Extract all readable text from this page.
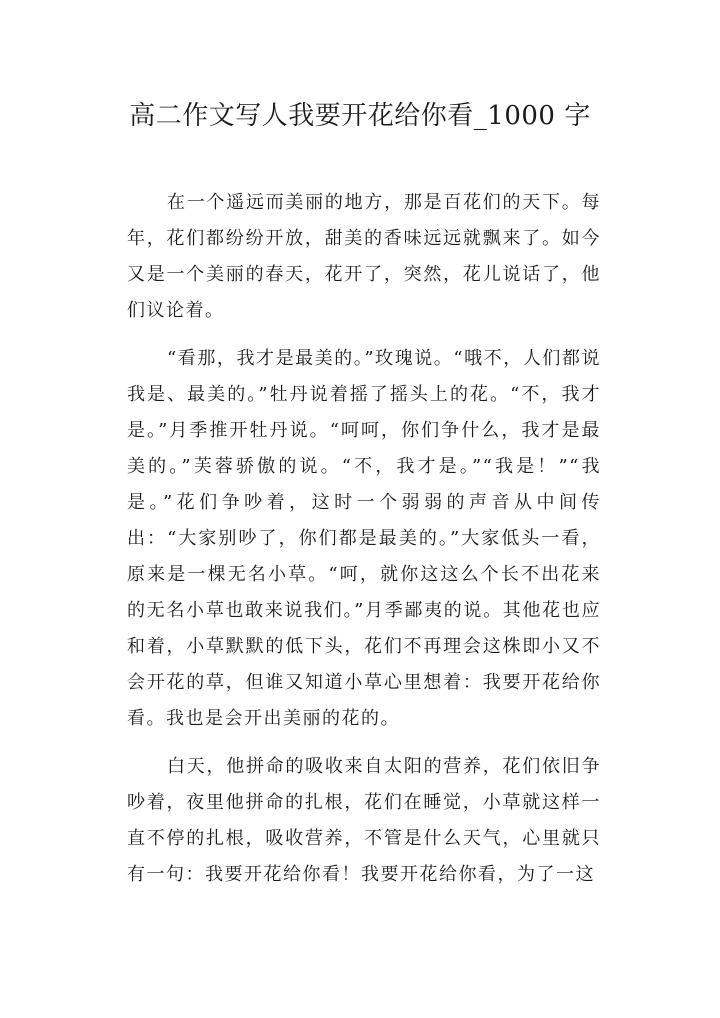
高二作文写人我要开花给你看_1000 字

在一个遥远而美丽的地方，那是百花们的天下。每年，花们都纷纷开放，甜美的香味远远就飘来了。如今又是一个美丽的春天，花开了，突然，花儿说话了，他们议论着。

“看那，我才是最美的。”玫瑰说。“哦不，人们都说我是、最美的。”牡丹说着摇了摇头上的花。“不，我才是。”月季推开牡丹说。“呵呵，你们争什么，我才是最美的。”芙蓉骄傲的说。“不，我才是。”“我是！”“我是。”花们争吵着，这时一个弱弱的声音从中间传出：“大家别吵了，你们都是最美的。”大家低头一看，原来是一棵无名小草。“呵，就你这这么个长不出花来的无名小草也敢来说我们。”月季鄙夷的说。其他花也应和着，小草默默的低下头，花们不再理会这株即小又不会开花的草，但谁又知道小草心里想着：我要开花给你看。我也是会开出美丽的花的。

白天，他拼命的吸收来自太阳的营养，花们依旧争吵着，夜里他拼命的扎根，花们在睡觉，小草就这样一直不停的扎根，吸收营养，不管是什么天气，心里就只有一句：我要开花给你看！我要开花给你看，为了一这
